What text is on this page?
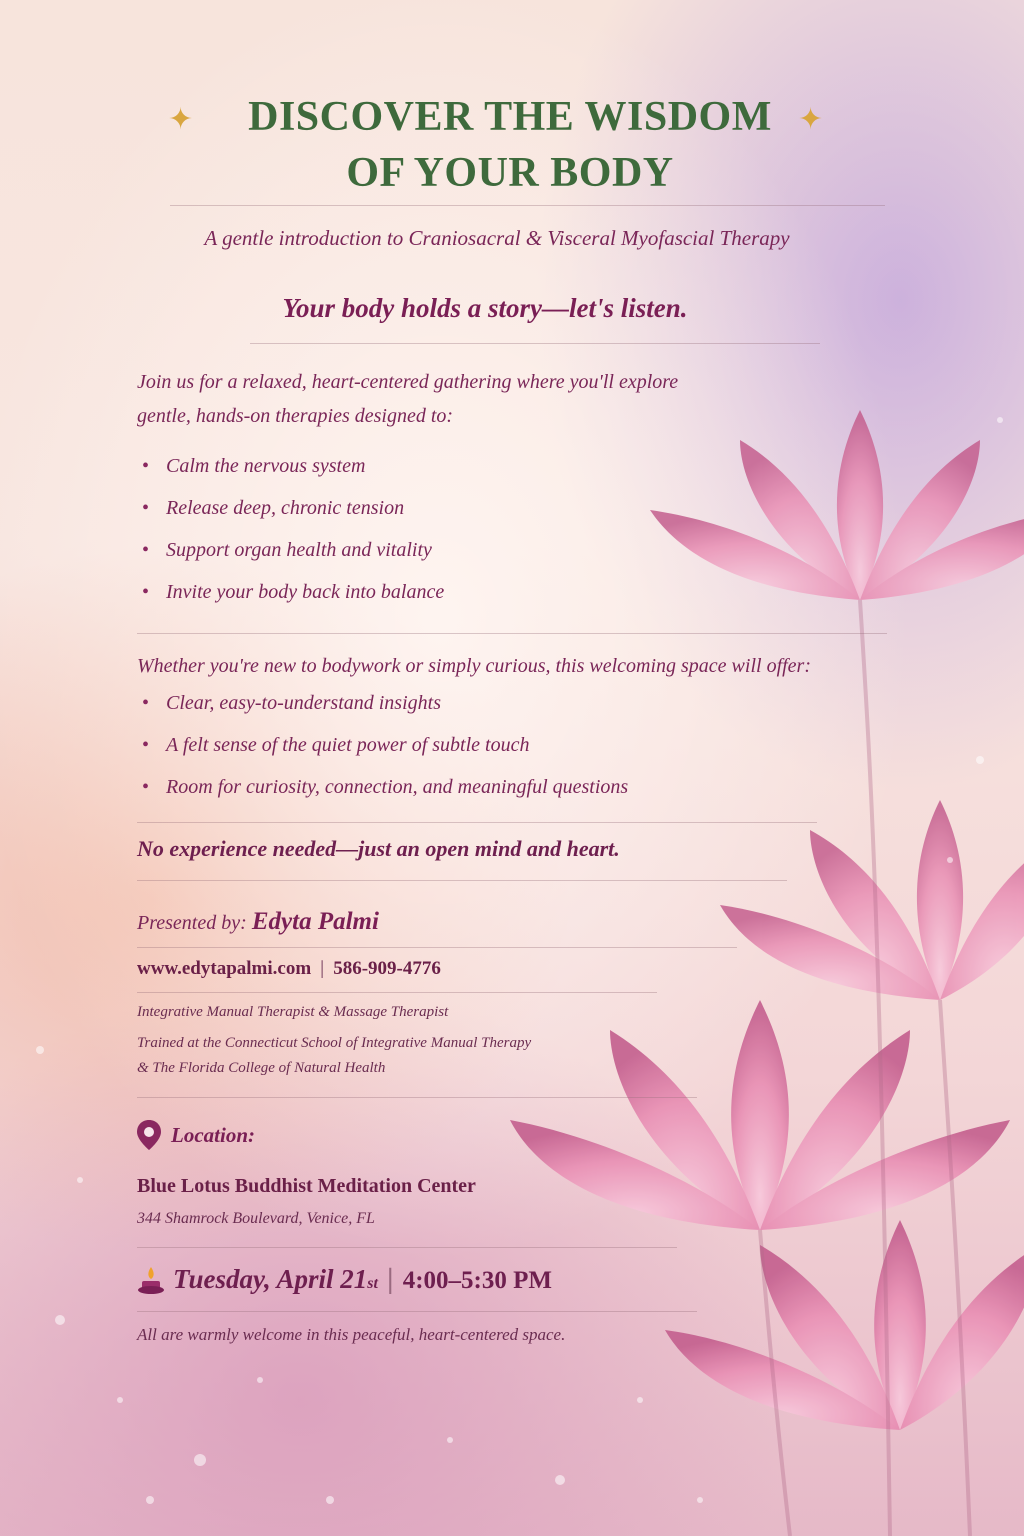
✦	✦
DISCOVER THE WISDOM
OF YOUR BODY
A gentle introduction to Craniosacral & Visceral Myofascial Therapy
Your body holds a story—let's listen.
Join us for a relaxed, heart-centered gathering where you'll explore
gentle, hands-on therapies designed to:
• Calm the nervous system
• Release deep, chronic tension
• Support organ health and vitality
• Invite your body back into balance
Whether you're new to bodywork or simply curious, this welcoming space will offer:
• Clear, easy-to-understand insights
• A felt sense of the quiet power of subtle touch
• Room for curiosity, connection, and meaningful questions
No experience needed—just an open mind and heart.
Presented by: Edyta Palmi
www.edytapalmi.com | 586-909-4776
Integrative Manual Therapist & Massage Therapist
Trained at the Connecticut School of Integrative Manual Therapy
& The Florida College of Natural Health
Location:
Blue Lotus Buddhist Meditation Center
344 Shamrock Boulevard, Venice, FL
Tuesday, April 21 st | 4:00–5:30 PM
All are warmly welcome in this peaceful, heart-centered space.
